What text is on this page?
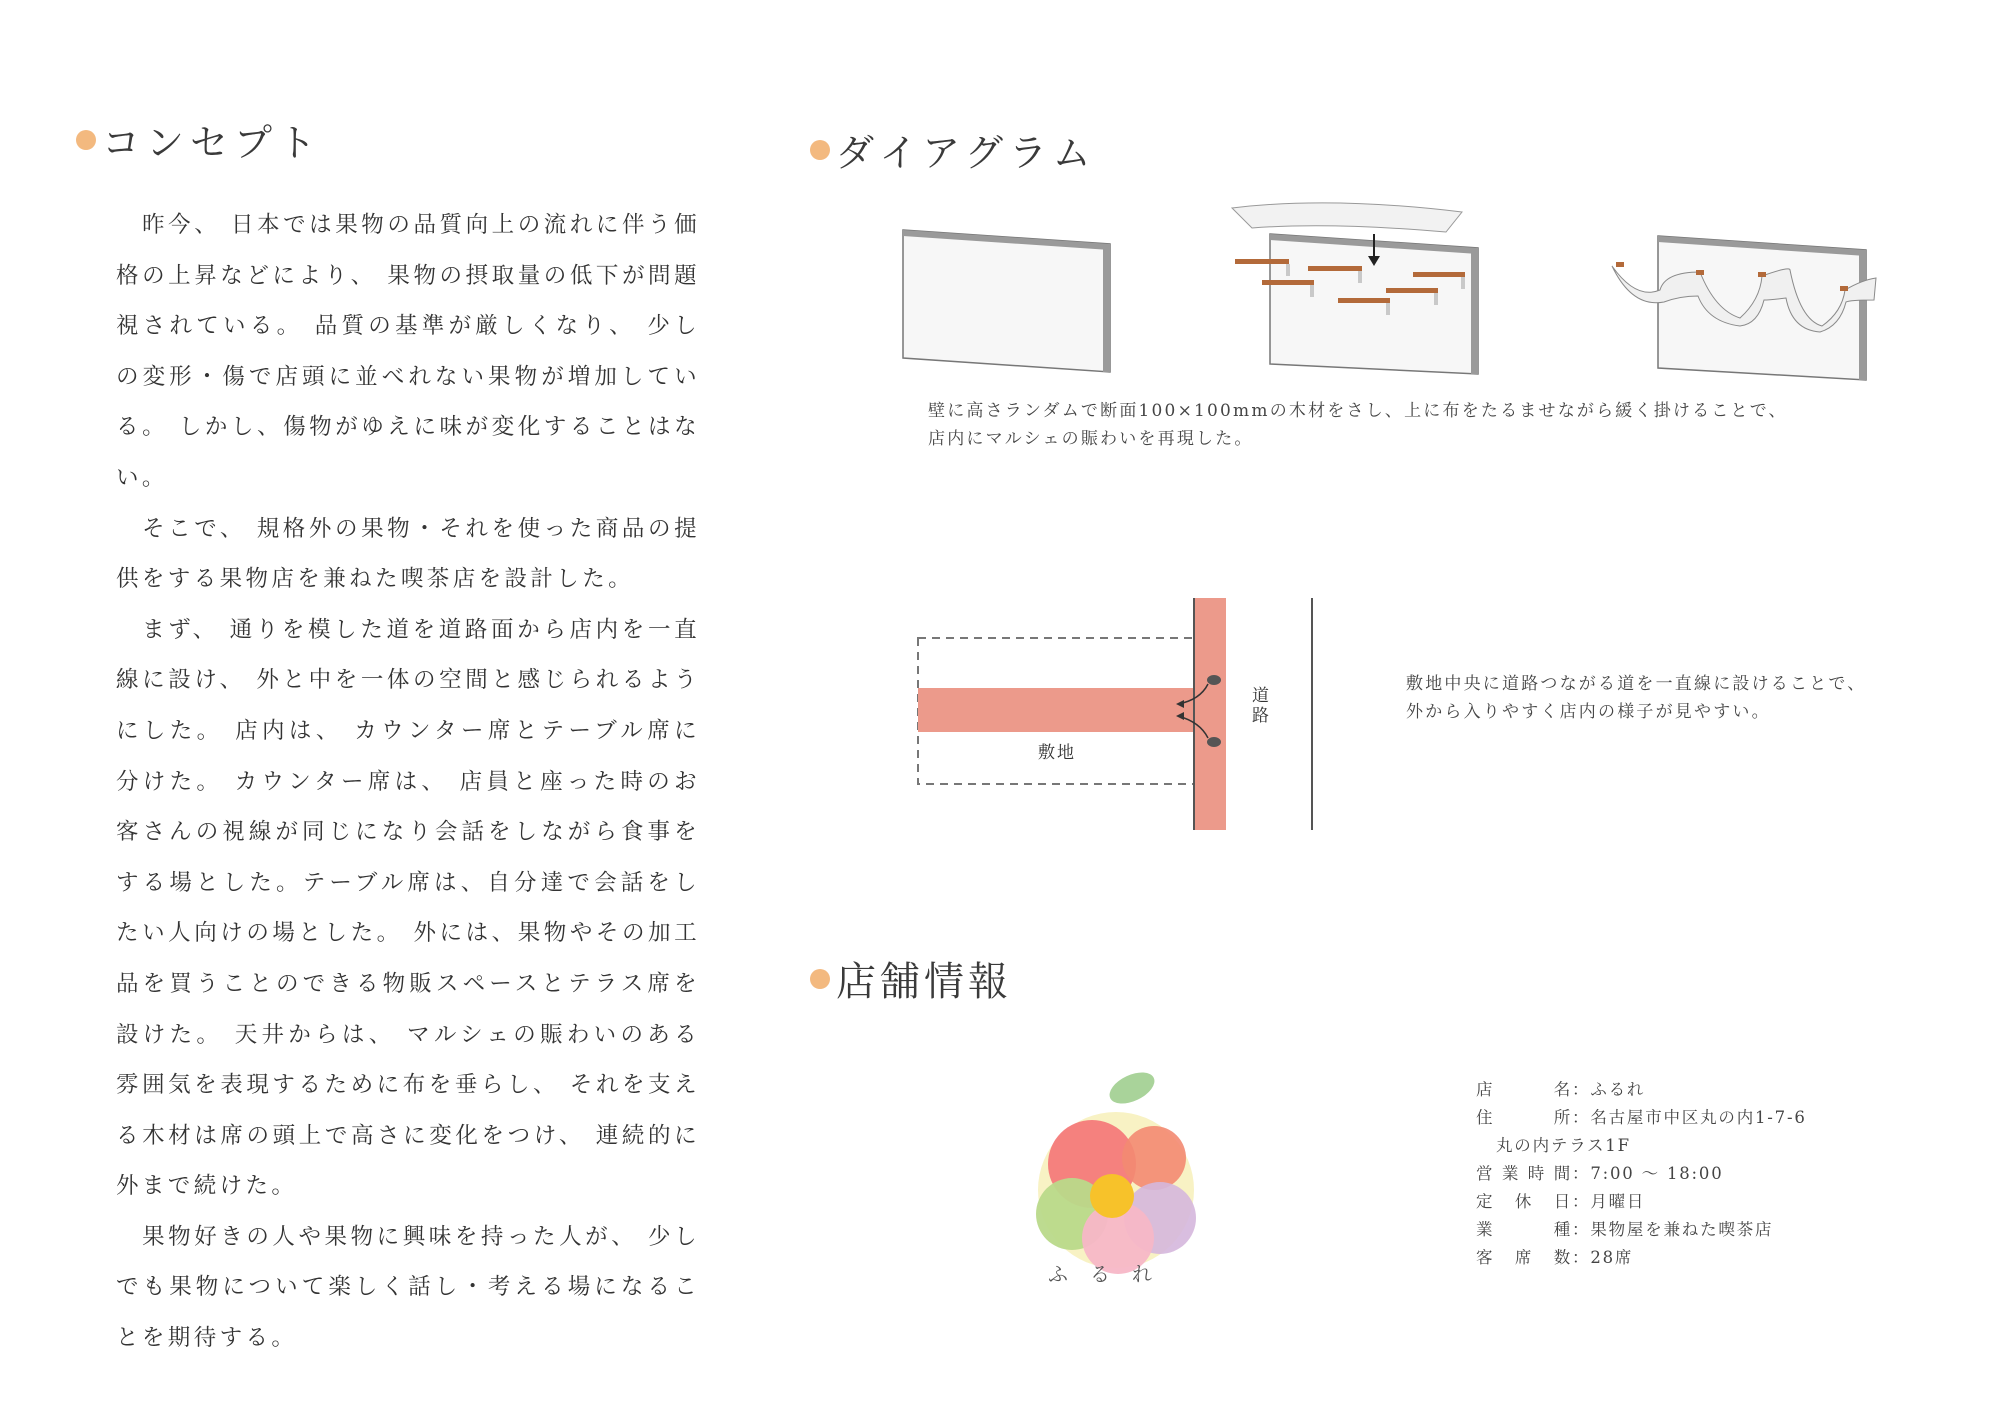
コンセプト	ダイアグラム
店舗情報

　昨今、 日本では果物の品質向上の流れに伴う価格の上昇などにより、 果物の摂取量の低下が問題視されている。 品質の基準が厳しくなり、 少しの変形・傷で店頭に並べれない果物が増加している。 しかし、傷物がゆえに味が変化することはない。

　そこで、 規格外の果物・それを使った商品の提供をする果物店を兼ねた喫茶店を設計した。

　まず、 通りを模した道を道路面から店内を一直線に設け、 外と中を一体の空間と感じられるようにした。 店内は、 カウンター席とテーブル席に分けた。 カウンター席は、 店員と座った時のお客さんの視線が同じになり会話をしながら食事をする場とした。テーブル席は、自分達で会話をしたい人向けの場とした。 外には、果物やその加工品を買うことのできる物販スペースとテラス席を設けた。 天井からは、 マルシェの賑わいのある雰囲気を表現するために布を垂らし、 それを支える木材は席の頭上で高さに変化をつけ、 連続的に外まで続けた。

　果物好きの人や果物に興味を持った人が、 少しでも果物について楽しく話し・考える場になることを期待する。

壁に高さランダムで断面100×100mmの木材をさし、上に布をたるませながら緩く掛けることで、
店内にマルシェの賑わいを再現した。
敷地中央に道路つながる道を一直線に設けることで、
外から入りやすく店内の様子が見やすい。
敷地
道路
ふるれ
店名：ふるれ
住所：名古屋市中区丸の内1-7-6
丸の内テラス1F
営業時間：7:00 〜 18:00
定休日：月曜日
業種：果物屋を兼ねた喫茶店
客席数：28席
